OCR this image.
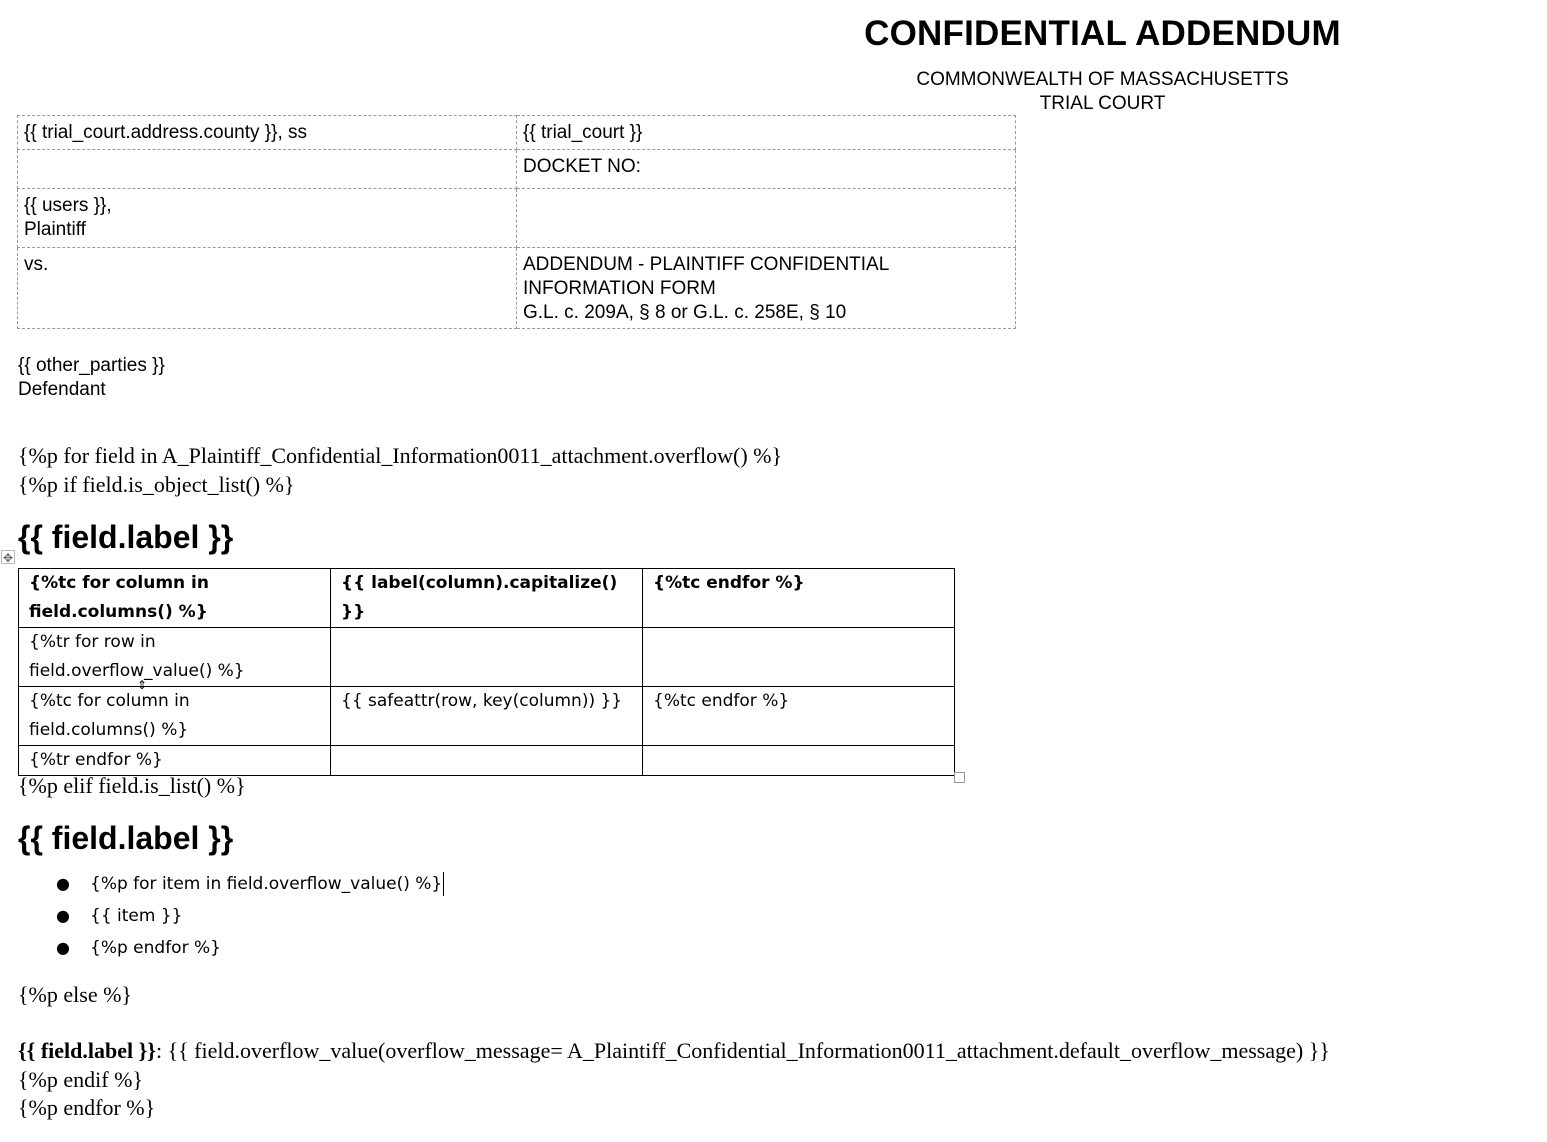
CONFIDENTIAL ADDENDUM
COMMONWEALTH OF MASSACHUSETTS
TRIAL COURT
{{ trial_court.address.county }}, ss	{{ trial_court }}
	DOCKET NO:

{{ users }},
Plaintiff	

vs.	ADDENDUM - PLAINTIFF CONFIDENTIAL
INFORMATION FORM
G.L. c. 209A, § 8 or G.L. c. 258E, § 10
{{ other_parties }}
Defendant
{%p for field in A_Plaintiff_Confidential_Information0011_attachment.overflow() %}
{%p if field.is_object_list() %}
{{ field.label }}
✥
{%tc for column in field.columns() %}	{{ label(column).capitalize() }}	{%tc endfor %}
{%tr for row in field.overflow_value() %}		
{%tc for column in field.columns() %}	{{ safeattr(row, key(column)) }}	{%tc endfor %}
{%tr endfor %}		
⇕
{%p elif field.is_list() %}
{{ field.label }}
● {%p for item in field.overflow_value() %}
● {{ item }}
● {%p endfor %}
{%p else %}
{{ field.label }}: {{ field.overflow_value(overflow_message= A_Plaintiff_Confidential_Information0011_attachment.default_overflow_message) }}
{%p endif %}
{%p endfor %}
